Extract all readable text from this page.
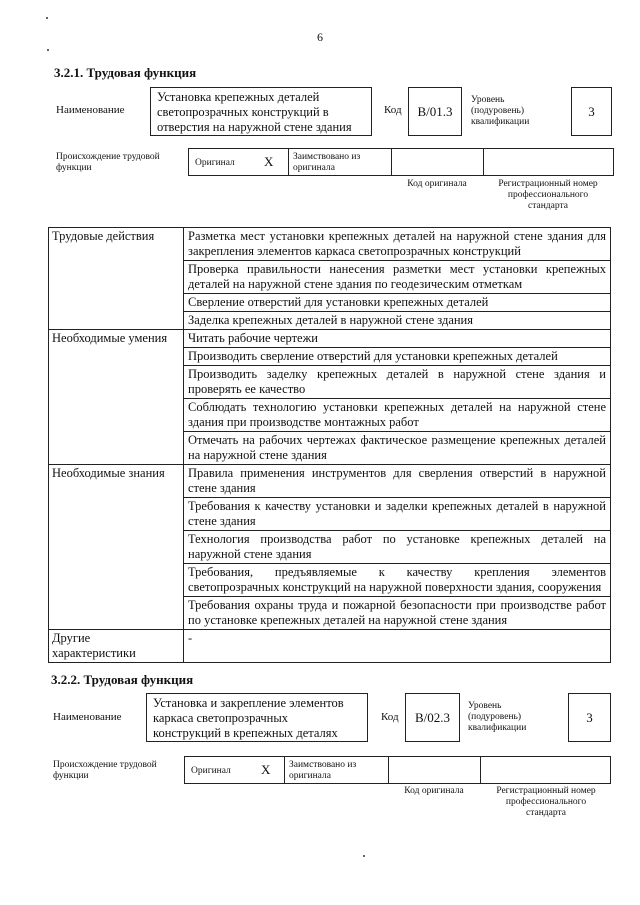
6
3.2.1. Трудовая функция
Наименование
Установка крепежных деталей
светопрозрачных конструкций в
отверстия на наружной стене здания
Код B/01.3
Уровень
(подуровень)
квалификации
3
Происхождение трудовой
функции	Оригинал X Заимствовано из
оригинала
Код оригинала	Регистрационный номер
профессионального
стандарта
Трудовые действия	Разметка мест установки крепежных деталей на наружной стене здания для закрепления элементов каркаса светопрозрачных конструкций
	Проверка правильности нанесения разметки мест установки крепежных деталей на наружной стене здания по геодезическим отметкам
	Сверление отверстий для установки крепежных деталей
	Заделка крепежных деталей в наружной стене здания
Необходимые умения	Читать рабочие чертежи
	Производить сверление отверстий для установки крепежных деталей
	Производить заделку крепежных деталей в наружной стене здания и проверять ее качество
	Соблюдать технологию установки крепежных деталей на наружной стене здания при производстве монтажных работ
	Отмечать на рабочих чертежах фактическое размещение крепежных деталей на наружной стене здания
Необходимые знания	Правила применения инструментов для сверления отверстий в наружной стене здания
	Требования к качеству установки и заделки крепежных деталей в наружной стене здания
	Технология производства работ по установке крепежных деталей на наружной стене здания
	Требования, предъявляемые к качеству крепления элементов светопрозрачных конструкций на наружной поверхности здания, сооружения
	Требования охраны труда и пожарной безопасности при производстве работ по установке крепежных деталей на наружной стене здания

Другие
характеристики	-
3.2.2. Трудовая функция
Наименование
Установка и закрепление элементов
каркаса светопрозрачных
конструкций в крепежных деталях
Код B/02.3
Уровень
(подуровень)
квалификации
3
Происхождение трудовой
функции	Оригинал X Заимствовано из
оригинала
Код оригинала	Регистрационный номер
профессионального
стандарта
